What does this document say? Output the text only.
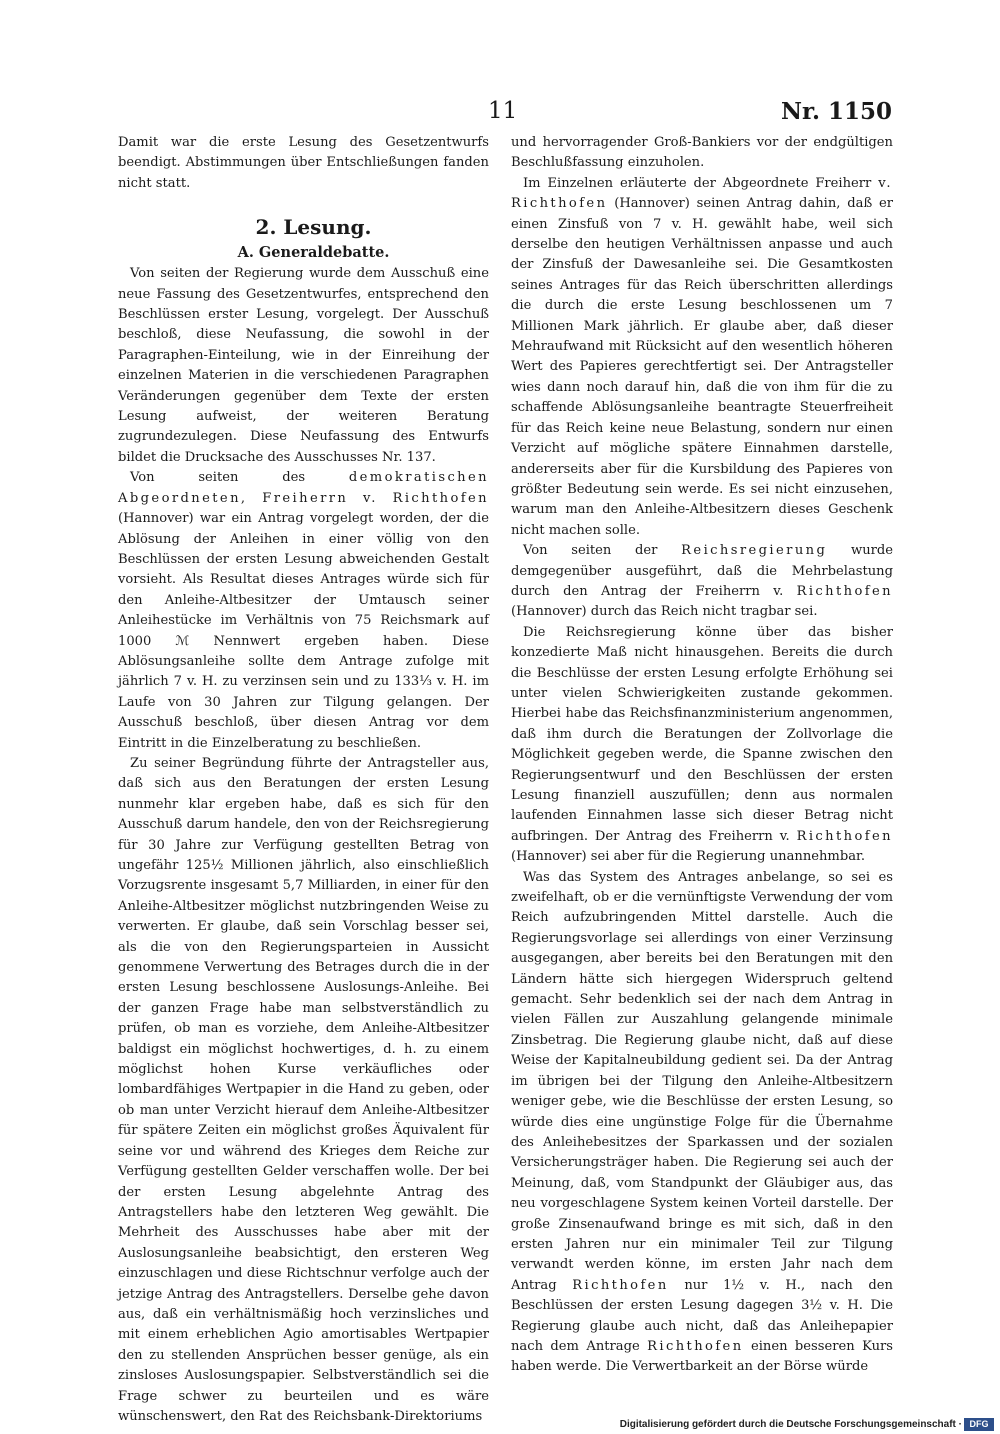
11	Nr. 1150

Damit war die erste Lesung des Gesetzentwurfs beendigt. Abstimmungen über Entschließungen fanden nicht statt.

2. Lesung.
A. Generaldebatte.

Von seiten der Regierung wurde dem Ausschuß eine neue Fassung des Gesetzentwurfes, entsprechend den Beschlüssen erster Lesung, vorgelegt. Der Ausschuß beschloß, diese Neufassung, die sowohl in der Paragraphen-Einteilung, wie in der Einreihung der einzelnen Materien in die verschiedenen Paragraphen Veränderungen gegenüber dem Texte der ersten Lesung aufweist, der weiteren Beratung zugrundezulegen. Diese Neufassung des Entwurfs bildet die Drucksache des Ausschusses Nr. 137.

Von seiten des	demokratischen Abgeordneten, Freiherrn v. Richthofen (Hannover) war ein Antrag vorgelegt worden, der die Ablösung der Anleihen in einer völlig von den Beschlüssen der ersten Lesung abweichenden Gestalt vorsieht. Als Resultat dieses Antrages würde sich für den Anleihe-Altbesitzer der Umtausch seiner Anleihestücke im Verhältnis von 75 Reichsmark auf 1000 ℳ Nennwert ergeben haben. Diese Ablösungsanleihe sollte dem Antrage zufolge mit jährlich 7 v. H. zu verzinsen sein und zu 133⅓ v. H. im Laufe von 30 Jahren zur Tilgung gelangen. Der Ausschuß beschloß, über diesen Antrag vor dem Eintritt in die Einzelberatung zu beschließen.

Zu seiner Begründung führte der Antragsteller aus, daß sich aus den Beratungen der ersten Lesung nunmehr klar ergeben habe, daß es sich für den Ausschuß darum handele, den von der Reichsregierung für 30 Jahre zur Verfügung gestellten Betrag von ungefähr 125½ Millionen jährlich, also einschließlich Vorzugsrente insgesamt 5,7 Milliarden, in einer für den Anleihe-Altbesitzer möglichst nutzbringenden Weise zu verwerten. Er glaube, daß sein Vorschlag besser sei, als die von den Regierungsparteien in Aussicht genommene Verwertung des Betrages durch die in der ersten Lesung beschlossene Auslosungs-Anleihe. Bei der ganzen Frage habe man selbstverständlich zu prüfen, ob man es vorziehe, dem Anleihe-Altbesitzer baldigst ein möglichst hochwertiges, d. h. zu einem möglichst hohen Kurse verkäufliches oder lombardfähiges Wertpapier in die Hand zu geben, oder ob man unter Verzicht hierauf dem Anleihe-Altbesitzer für spätere Zeiten ein möglichst großes Äquivalent für seine vor und während des Krieges dem Reiche zur Verfügung gestellten Gelder verschaffen wolle. Der bei der ersten Lesung abgelehnte Antrag des Antragstellers habe den letzteren Weg gewählt. Die Mehrheit des Ausschusses habe aber mit der Auslosungsanleihe beabsichtigt, den ersteren Weg einzuschlagen und diese Richtschnur verfolge auch der jetzige Antrag des Antragstellers. Derselbe gehe davon aus, daß ein verhältnismäßig hoch verzinsliches und mit einem erheblichen Agio amortisables Wertpapier den zu stellenden Ansprüchen besser genüge, als ein zinsloses Auslosungspapier. Selbstverständlich sei die Frage schwer zu beurteilen und es wäre wünschenswert, den Rat des Reichsbank-Direktoriums

und hervorragender Groß-Bankiers vor der endgültigen Beschlußfassung einzuholen.

Im Einzelnen erläuterte der Abgeordnete Freiherr v. Richthofen (Hannover) seinen Antrag dahin, daß er einen Zinsfuß von 7 v. H. gewählt habe, weil sich derselbe den heutigen Verhältnissen anpasse und auch der Zinsfuß der Dawesanleihe sei. Die Gesamtkosten seines Antrages für das Reich überschritten allerdings die durch die erste Lesung beschlossenen um 7 Millionen Mark jährlich. Er glaube aber, daß dieser Mehraufwand mit Rücksicht auf den wesentlich höheren Wert des Papieres gerechtfertigt sei. Der Antragsteller wies dann noch darauf hin, daß die von ihm für die zu schaffende Ablösungsanleihe beantragte Steuerfreiheit für das Reich keine neue Belastung, sondern nur einen Verzicht auf mögliche spätere Einnahmen darstelle, andererseits aber für die Kursbildung des Papieres von größter Bedeutung sein werde. Es sei nicht einzusehen, warum man den Anleihe-Altbesitzern dieses Geschenk nicht machen solle.

Von seiten der Reichsregierung wurde demgegenüber ausgeführt, daß die Mehrbelastung durch den Antrag der Freiherrn v. Richthofen (Hannover) durch das Reich nicht tragbar sei.

Die Reichsregierung könne über das bisher konzedierte Maß nicht hinausgehen. Bereits die durch die Beschlüsse der ersten Lesung erfolgte Erhöhung sei unter vielen Schwierigkeiten zustande gekommen. Hierbei habe das Reichsfinanzministerium angenommen, daß ihm durch die Beratungen der Zollvorlage die Möglichkeit gegeben werde, die Spanne zwischen den Regierungsentwurf und den Beschlüssen der ersten Lesung finanziell auszufüllen; denn aus normalen laufenden Einnahmen lasse sich dieser Betrag nicht aufbringen. Der Antrag des Freiherrn v. Richthofen (Hannover) sei aber für die Regierung unannehmbar.

Was das System des Antrages anbelange, so sei es zweifelhaft, ob er die vernünftigste Verwendung der vom Reich aufzubringenden Mittel darstelle. Auch die Regierungsvorlage sei allerdings von einer Verzinsung ausgegangen, aber bereits bei den Beratungen mit den Ländern hätte sich hiergegen Widerspruch geltend gemacht. Sehr bedenklich sei der nach dem Antrag in vielen Fällen zur Auszahlung gelangende minimale Zinsbetrag. Die Regierung glaube nicht, daß auf diese Weise der Kapitalneubildung gedient sei. Da der Antrag im übrigen bei der Tilgung den Anleihe-Altbesitzern weniger gebe, wie die Beschlüsse der ersten Lesung, so würde dies eine ungünstige Folge für die Übernahme des Anleihebesitzes der Sparkassen und der sozialen Versicherungsträger haben. Die Regierung sei auch der Meinung, daß, vom Standpunkt der Gläubiger aus, das neu vorgeschlagene System keinen Vorteil darstelle. Der große Zinsenaufwand bringe es mit sich, daß in den ersten Jahren nur ein minimaler Teil zur Tilgung verwandt werden könne, im ersten Jahr nach dem Antrag Richthofen nur 1½ v. H., nach den Beschlüssen der ersten Lesung dagegen 3½ v. H. Die Regierung glaube auch nicht, daß das Anleihepapier nach dem Antrage Richthofen einen besseren Kurs haben werde. Die Verwertbarkeit an der Börse würde

Digitalisierung gefördert durch die Deutsche Forschungsgemeinschaft · DFG
